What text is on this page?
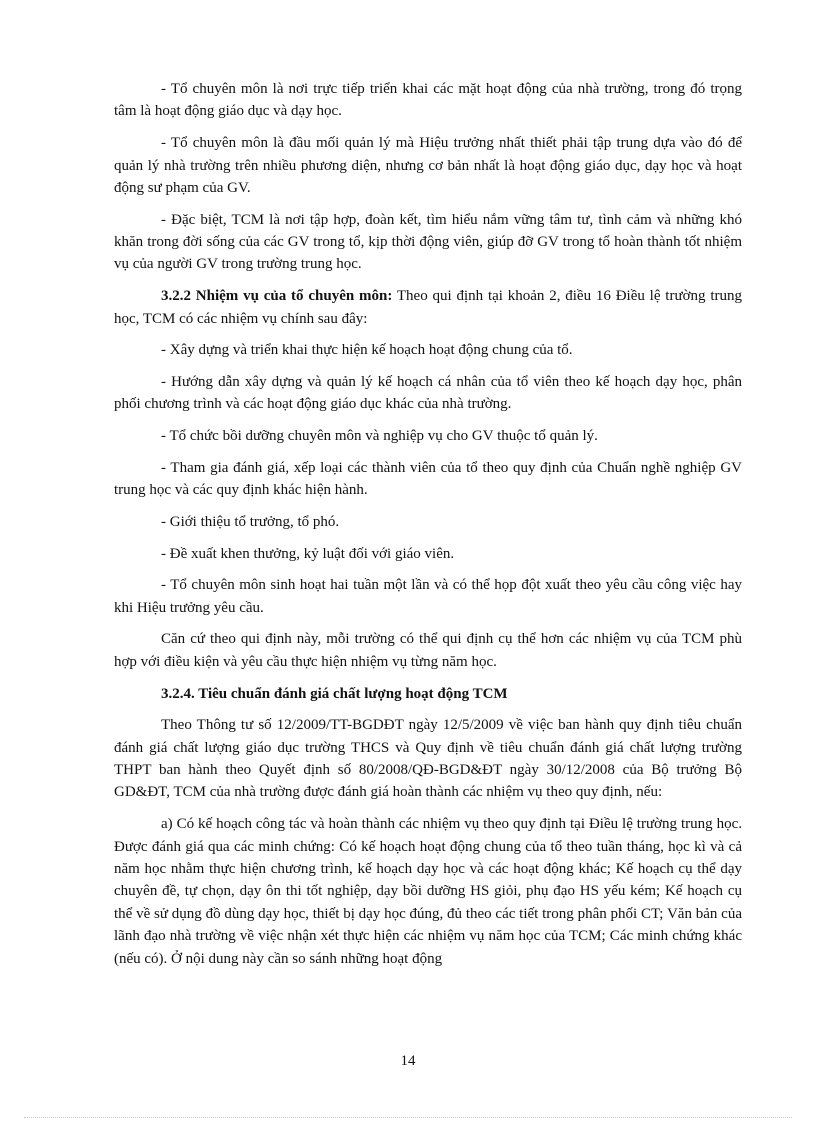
- Tổ chuyên môn là nơi trực tiếp triển khai các mặt hoạt động của nhà trường, trong đó trọng tâm là hoạt động giáo dục và dạy học.

- Tổ chuyên môn là đầu mối quản lý mà Hiệu trưởng nhất thiết phải tập trung dựa vào đó để quản lý nhà trường trên nhiều phương diện, nhưng cơ bản nhất là hoạt động giáo dục, dạy học và hoạt động sư phạm của GV.

- Đặc biệt, TCM là nơi tập hợp, đoàn kết, tìm hiểu nắm vững tâm tư, tình cảm và những khó khăn trong đời sống của các GV trong tổ, kịp thời động viên, giúp đỡ GV trong tổ hoàn thành tốt nhiệm vụ của người GV trong trường trung học.

3.2.2 Nhiệm vụ của tổ chuyên môn: Theo qui định tại khoản 2, điều 16 Điều lệ trường trung học, TCM có các nhiệm vụ chính sau đây:

- Xây dựng và triển khai thực hiện kế hoạch hoạt động chung của tổ.

- Hướng dẫn xây dựng và quản lý kế hoạch cá nhân của tổ viên theo kế hoạch dạy học, phân phối chương trình và các hoạt động giáo dục khác của nhà trường.

- Tổ chức bồi dưỡng chuyên môn và nghiệp vụ cho GV thuộc tổ quản lý.

- Tham gia đánh giá, xếp loại các thành viên của tổ theo quy định của Chuẩn nghề nghiệp GV trung học và các quy định khác hiện hành.

- Giới thiệu tổ trưởng, tổ phó.

- Đề xuất khen thưởng, kỷ luật đối với giáo viên.

- Tổ chuyên môn sinh hoạt hai tuần một lần và có thể họp đột xuất theo yêu cầu công việc hay khi Hiệu trưởng yêu cầu.

Căn cứ theo qui định này, mỗi trường có thể qui định cụ thể hơn các nhiệm vụ của TCM phù hợp với điều kiện và yêu cầu thực hiện nhiệm vụ từng năm học.

3.2.4. Tiêu chuẩn đánh giá chất lượng hoạt động TCM

Theo Thông tư số 12/2009/TT-BGDĐT ngày 12/5/2009 về việc ban hành quy định tiêu chuẩn đánh giá chất lượng giáo dục trường THCS và Quy định về tiêu chuẩn đánh giá chất lượng trường THPT ban hành theo Quyết định số 80/2008/QĐ-BGD&ĐT ngày 30/12/2008 của Bộ trưởng Bộ GD&ĐT, TCM của nhà trường được đánh giá hoàn thành các nhiệm vụ theo quy định, nếu:

a) Có kế hoạch công tác và hoàn thành các nhiệm vụ theo quy định tại Điều lệ trường trung học. Được đánh giá qua các minh chứng: Có kế hoạch hoạt động chung của tổ theo tuần tháng, học kì và cả năm học nhằm thực hiện chương trình, kế hoạch dạy học và các hoạt động khác; Kế hoạch cụ thể dạy chuyên đề, tự chọn, dạy ôn thi tốt nghiệp, dạy bồi dưỡng HS giỏi, phụ đạo HS yếu kém; Kế hoạch cụ thể về sử dụng đồ dùng dạy học, thiết bị dạy học đúng, đủ theo các tiết trong phân phối CT; Văn bản của lãnh đạo nhà trường về việc nhận xét thực hiện các nhiệm vụ năm học của TCM; Các minh chứng khác (nếu có). Ở nội dung này cần so sánh những hoạt động

14
